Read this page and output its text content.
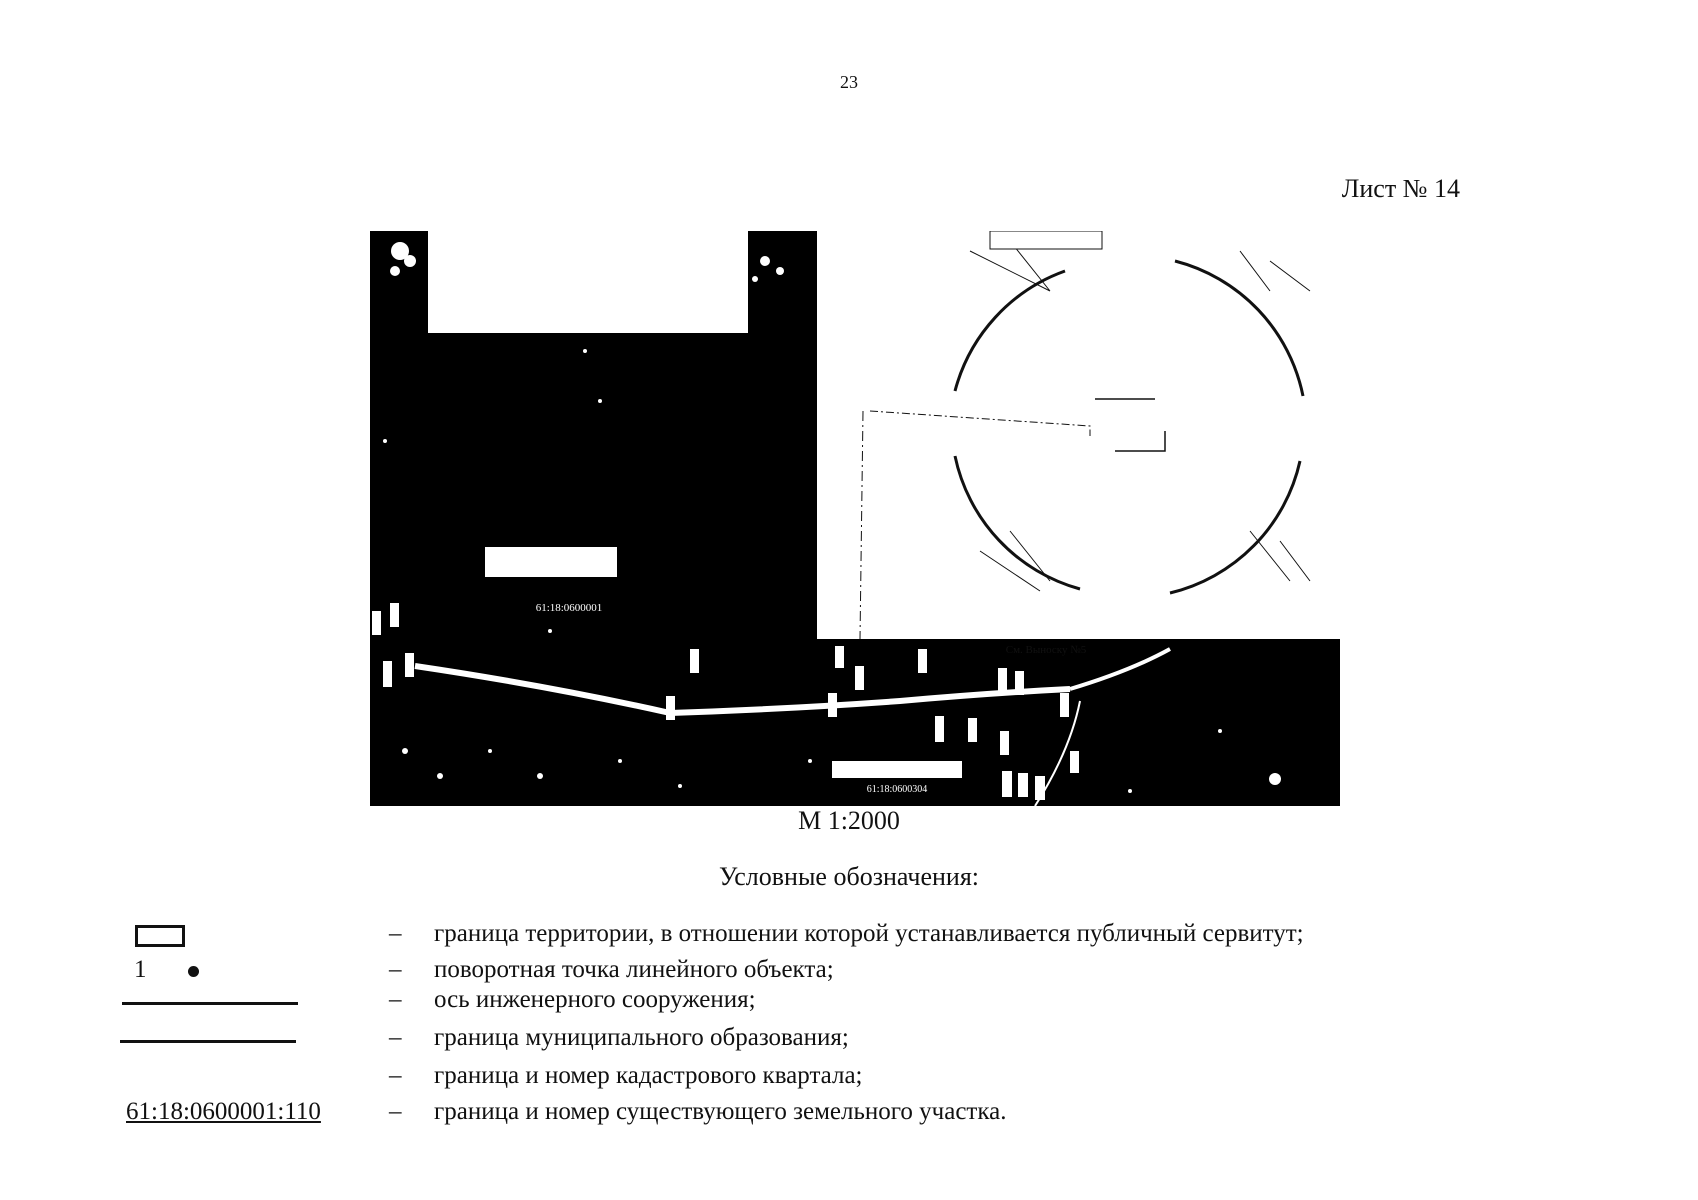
23
Лист № 14
61:18:0600001
61:18:0600304
См. Выноску №5
М 1:2000
Условные обозначения:
– граница территории, в отношении которой устанавливается публичный сервитут;
1	– поворотная точка линейного объекта;
– ось инженерного сооружения;
– граница муниципального образования;
– граница и номер кадастрового квартала;
61:18:0600001:110	– граница и номер существующего земельного участка.
